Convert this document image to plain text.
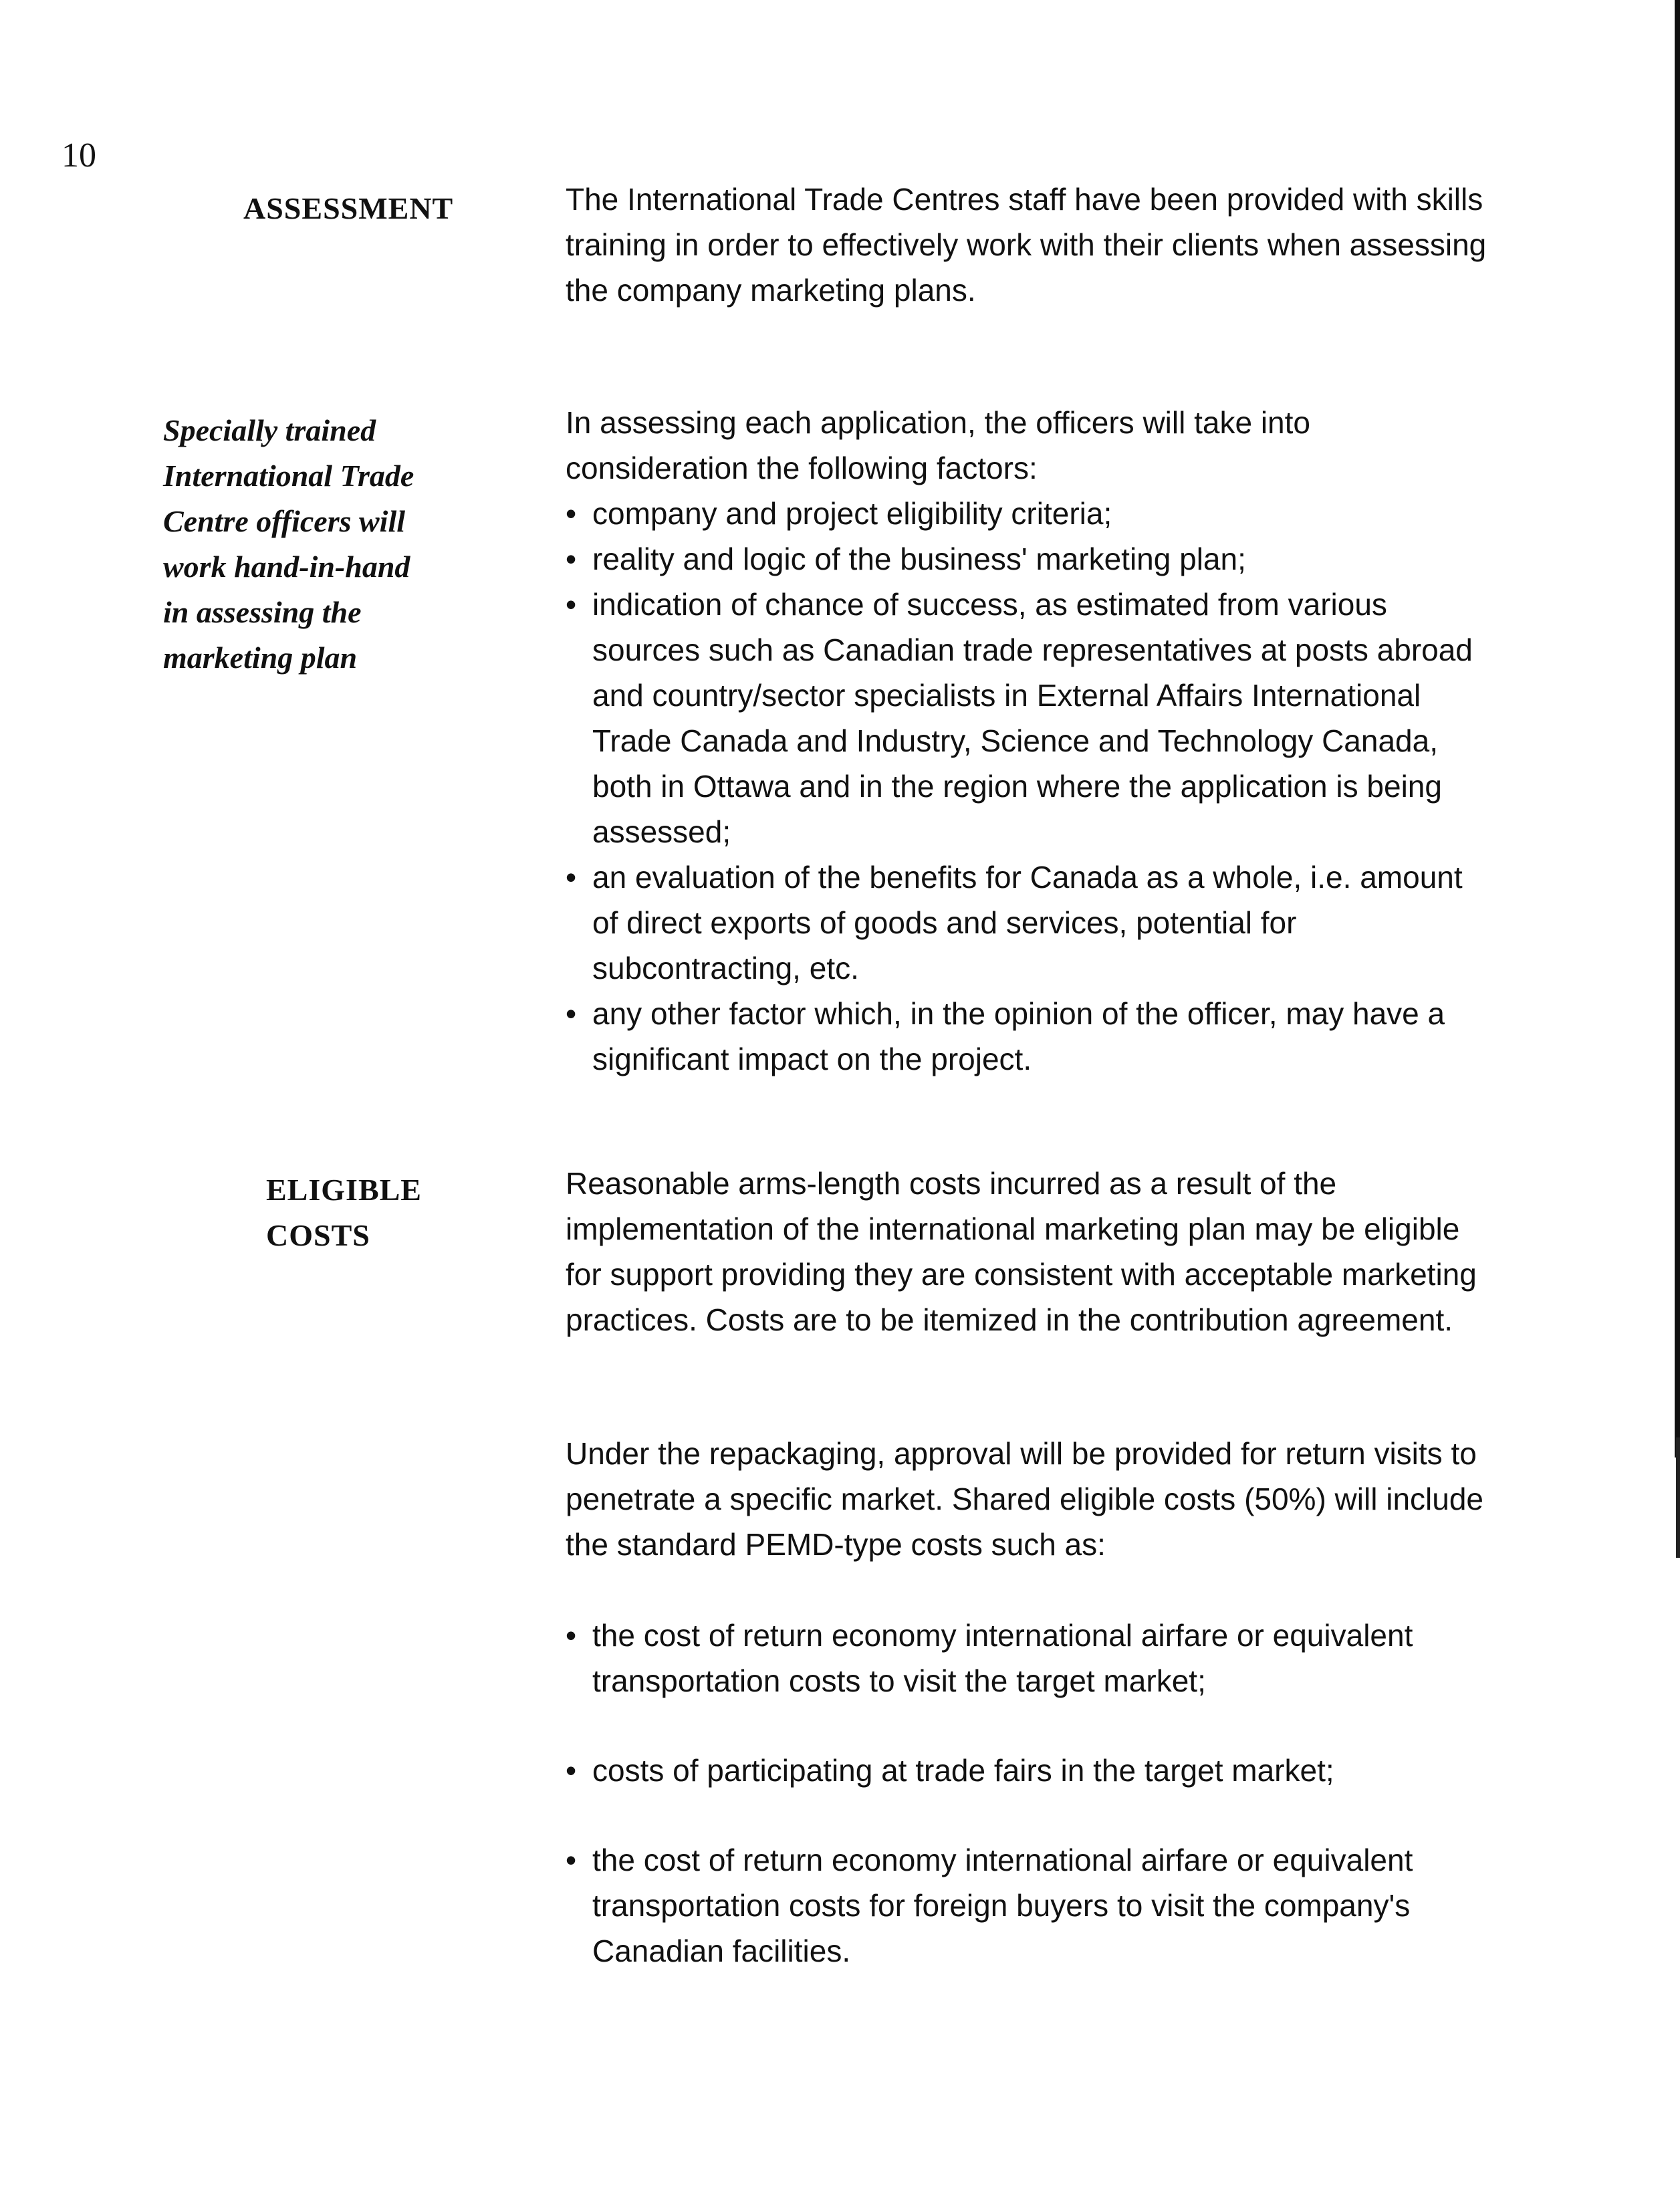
10
ASSESSMENT	The International Trade Centres staff have been provided with skills training in order to effectively work with their clients when assessing the company marketing plans.

Specially trained
International Trade
Centre officers will
work hand-in-hand
in assessing the
marketing plan

In assessing each application, the officers will take into consideration the following factors:

• company and project eligibility criteria;
• reality and logic of the business' marketing plan;
• indication of chance of success, as estimated from various sources such as Canadian trade representatives at posts abroad and country/sector specialists in External Affairs International Trade Canada and Industry, Science and Technology Canada, both in Ottawa and in the region where the application is being assessed;
• an evaluation of the benefits for Canada as a whole, i.e. amount of direct exports of goods and services, potential for subcontracting, etc.
• any other factor which, in the opinion of the officer, may have a significant impact on the project.
ELIGIBLE
COSTS

Reasonable arms-length costs incurred as a result of the implementation of the international marketing plan may be eligible for support providing they are consistent with acceptable marketing practices. Costs are to be itemized in the contribution agreement.

Under the repackaging, approval will be provided for return visits to penetrate a specific market. Shared eligible costs (50%) will include the standard PEMD-type costs such as:

• the cost of return economy international airfare or equivalent transportation costs to visit the target market;
• costs of participating at trade fairs in the target market;
• the cost of return economy international airfare or equivalent transportation costs for foreign buyers to visit the company's Canadian facilities.
